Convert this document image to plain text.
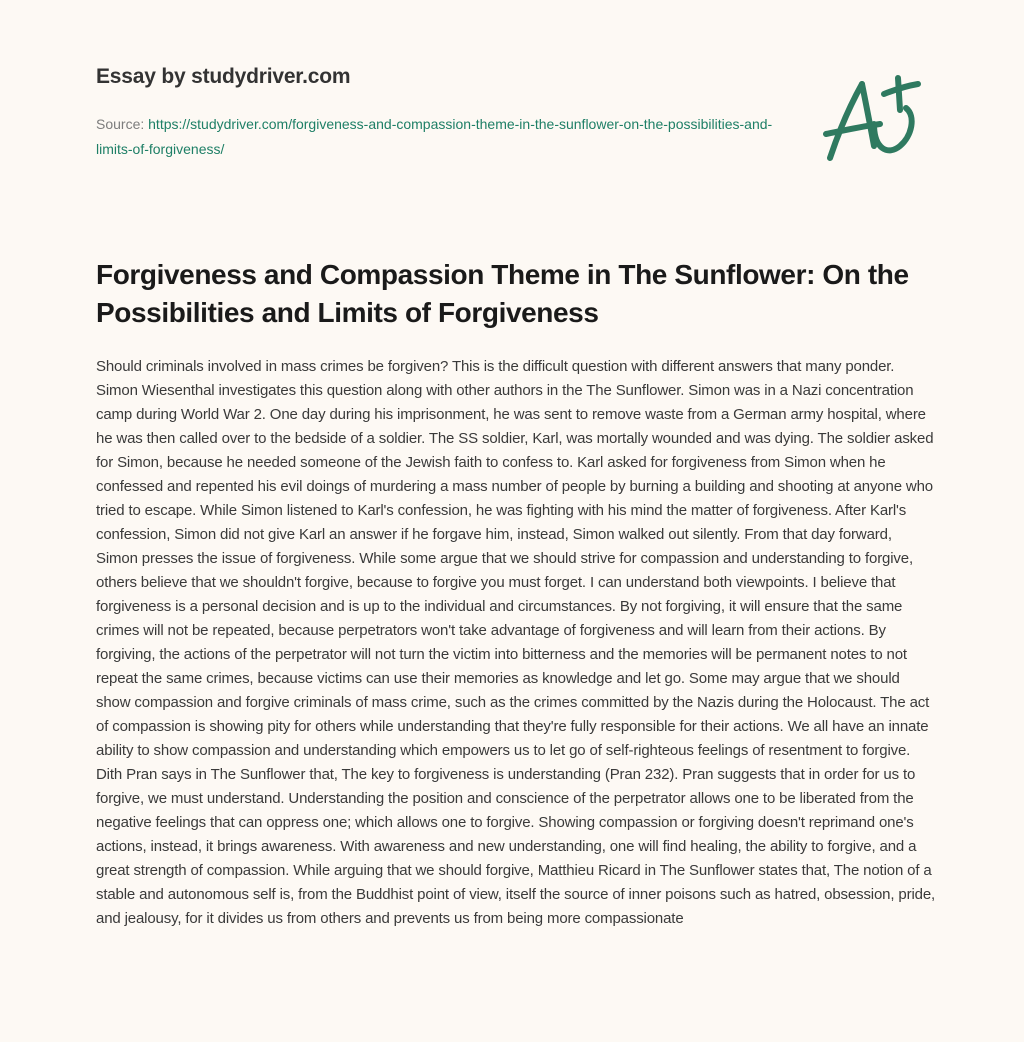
Essay by studydriver.com
Source: https://studydriver.com/forgiveness-and-compassion-theme-in-the-sunflower-on-the-possibilities-and-limits-of-forgiveness/
Forgiveness and Compassion Theme in The Sunflower: On the Possibilities and Limits of Forgiveness

Should criminals involved in mass crimes be forgiven? This is the difficult question with different answers that many ponder. Simon Wiesenthal investigates this question along with other authors in the The Sunflower. Simon was in a Nazi concentration camp during World War 2. One day during his imprisonment, he was sent to remove waste from a German army hospital, where he was then called over to the bedside of a soldier. The SS soldier, Karl, was mortally wounded and was dying. The soldier asked for Simon, because he needed someone of the Jewish faith to confess to. Karl asked for forgiveness from Simon when he confessed and repented his evil doings of murdering a mass number of people by burning a building and shooting at anyone who tried to escape. While Simon listened to Karl's confession, he was fighting with his mind the matter of forgiveness. After Karl's confession, Simon did not give Karl an answer if he forgave him, instead, Simon walked out silently. From that day forward, Simon presses the issue of forgiveness. While some argue that we should strive for compassion and understanding to forgive, others believe that we shouldn't forgive, because to forgive you must forget. I can understand both viewpoints. I believe that forgiveness is a personal decision and is up to the individual and circumstances. By not forgiving, it will ensure that the same crimes will not be repeated, because perpetrators won't take advantage of forgiveness and will learn from their actions. By forgiving, the actions of the perpetrator will not turn the victim into bitterness and the memories will be permanent notes to not repeat the same crimes, because victims can use their memories as knowledge and let go. Some may argue that we should show compassion and forgive criminals of mass crime, such as the crimes committed by the Nazis during the Holocaust. The act of compassion is showing pity for others while understanding that they're fully responsible for their actions. We all have an innate ability to show compassion and understanding which empowers us to let go of self-righteous feelings of resentment to forgive. Dith Pran says in The Sunflower that, The key to forgiveness is understanding (Pran 232). Pran suggests that in order for us to forgive, we must understand. Understanding the position and conscience of the perpetrator allows one to be liberated from the negative feelings that can oppress one; which allows one to forgive. Showing compassion or forgiving doesn't reprimand one's actions, instead, it brings awareness. With awareness and new understanding, one will find healing, the ability to forgive, and a great strength of compassion. While arguing that we should forgive, Matthieu Ricard in The Sunflower states that, The notion of a stable and autonomous self is, from the Buddhist point of view, itself the source of inner poisons such as hatred, obsession, pride, and jealousy, for it divides us from others and prevents us from being more compassionate
